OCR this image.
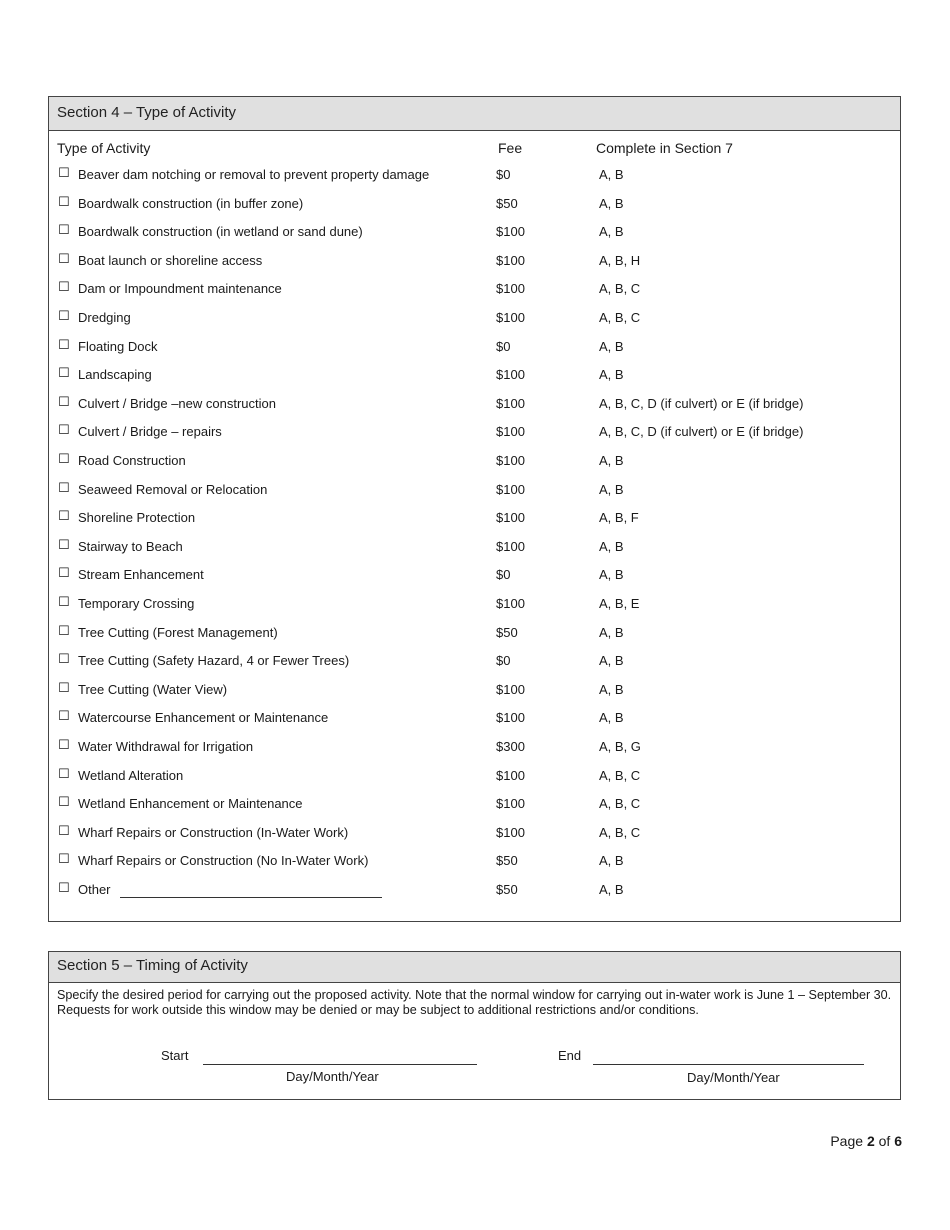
Section 4 – Type of Activity
Type of Activity	Fee	Complete in Section 7
☐ Beaver dam notching or removal to prevent property damage	$0	A, B
☐ Boardwalk construction (in buffer zone)	$50	A, B
☐ Boardwalk construction (in wetland or sand dune)	$100	A, B
☐ Boat launch or shoreline access	$100	A, B, H
☐ Dam or Impoundment maintenance	$100	A, B, C
☐ Dredging	$100	A, B, C
☐ Floating Dock	$0	A, B
☐ Landscaping	$100	A, B
☐ Culvert / Bridge –new construction	$100	A, B, C, D (if culvert) or E (if bridge)
☐ Culvert / Bridge – repairs	$100	A, B, C, D (if culvert) or E (if bridge)
☐ Road Construction	$100	A, B
☐ Seaweed Removal or Relocation	$100	A, B
☐ Shoreline Protection	$100	A, B, F
☐ Stairway to Beach	$100	A, B
☐ Stream Enhancement	$0	A, B
☐ Temporary Crossing	$100	A, B, E
☐ Tree Cutting (Forest Management)	$50	A, B
☐ Tree Cutting (Safety Hazard, 4 or Fewer Trees)	$0	A, B
☐ Tree Cutting (Water View)	$100	A, B
☐ Watercourse Enhancement or Maintenance	$100	A, B
☐ Water Withdrawal for Irrigation	$300	A, B, G
☐ Wetland Alteration	$100	A, B, C
☐ Wetland Enhancement or Maintenance	$100	A, B, C
☐ Wharf Repairs or Construction (In-Water Work)	$100	A, B, C
☐ Wharf Repairs or Construction (No In-Water Work)	$50	A, B
☐ Other	$50	A, B
Section 5 – Timing of Activity
Specify the desired period for carrying out the proposed activity. Note that the normal window for carrying out in-water work is June 1 – September 30. Requests for work outside this window may be denied or may be subject to additional restrictions and/or conditions.
Start
Day/Month/Year
End
Day/Month/Year
Page 2 of 6
